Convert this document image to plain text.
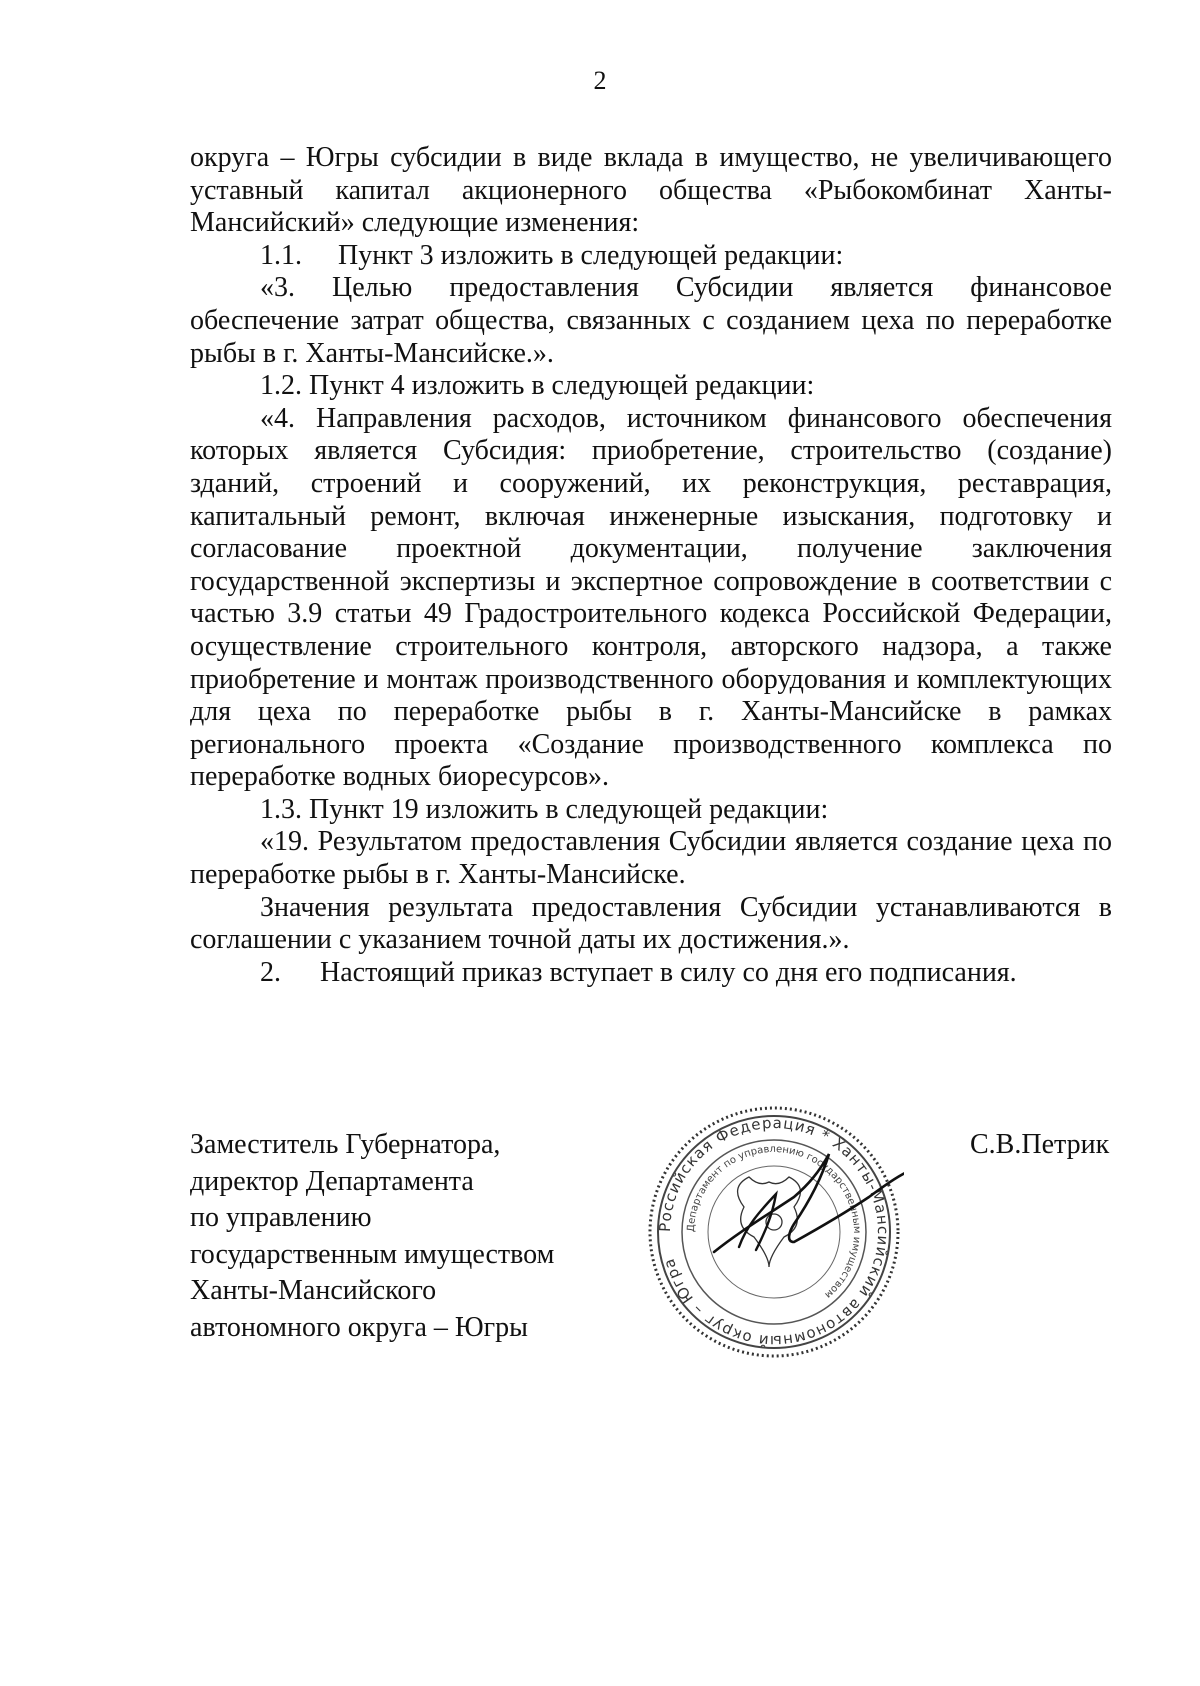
2

округа – Югры субсидии в виде вклада в имущество, не увеличивающего уставный капитал акционерного общества «Рыбокомбинат Ханты-Мансийский» следующие изменения:

1.1. Пункт 3 изложить в следующей редакции:

«3. Целью предоставления Субсидии является финансовое обеспечение затрат общества, связанных с созданием цеха по переработке рыбы в г. Ханты-Мансийске.».

1.2. Пункт 4 изложить в следующей редакции:

«4. Направления расходов, источником финансового обеспечения которых является Субсидия: приобретение, строительство (создание) зданий, строений и сооружений, их реконструкция, реставрация, капитальный ремонт, включая инженерные изыскания, подготовку и согласование проектной документации, получение заключения государственной экспертизы и экспертное сопровождение в соответствии с частью 3.9 статьи 49 Градостроительного кодекса Российской Федерации, осуществление строительного контроля, авторского надзора, а также приобретение и монтаж производственного оборудования и комплектующих для цеха по переработке рыбы в г. Ханты-Мансийске в рамках регионального проекта «Создание производственного комплекса по переработке водных биоресурсов».

1.3. Пункт 19 изложить в следующей редакции:

«19. Результатом предоставления Субсидии является создание цеха по переработке рыбы в г. Ханты-Мансийске.

Значения результата предоставления Субсидии устанавливаются в соглашении с указанием точной даты их достижения.».

2. Настоящий приказ вступает в силу со дня его подписания.

Заместитель Губернатора,
директор Департамента
по управлению
государственным имуществом
Ханты-Мансийского
автономного округа – Югры
Российская Федерация * Ханты-Мансийский автономный округ – Югра
Департамент по управлению государственным имуществом
С.В.Петрик
